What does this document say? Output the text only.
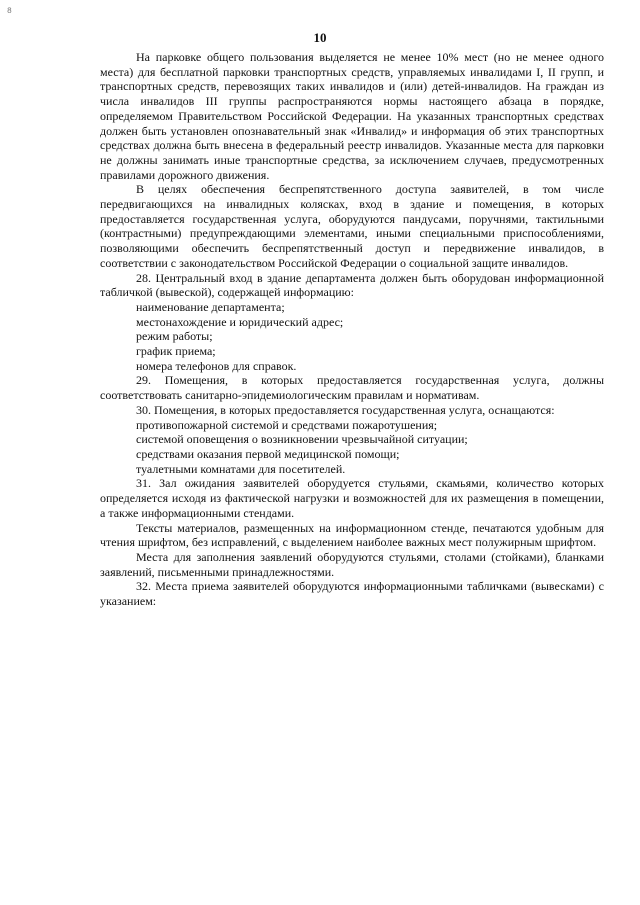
8
10

На парковке общего пользования выделяется не менее 10% мест (но не менее одного места) для бесплатной парковки транспортных средств, управляемых инвалидами I, II групп, и транспортных средств, перевозящих таких инвалидов и (или) детей-инвалидов. На граждан из числа инвалидов III группы распространяются нормы настоящего абзаца в порядке, определяемом Правительством Российской Федерации. На указанных транспортных средствах должен быть установлен опознавательный знак «Инвалид» и информация об этих транспортных средствах должна быть внесена в федеральный реестр инвалидов. Указанные места для парковки не должны занимать иные транспортные средства, за исключением случаев, предусмотренных правилами дорожного движения.

В целях обеспечения беспрепятственного доступа заявителей, в том числе передвигающихся на инвалидных колясках, вход в здание и помещения, в которых предоставляется государственная услуга, оборудуются пандусами, поручнями, тактильными (контрастными) предупреждающими элементами, иными специальными приспособлениями, позволяющими обеспечить беспрепятственный доступ и передвижение инвалидов, в соответствии с законодательством Российской Федерации о социальной защите инвалидов.

28. Центральный вход в здание департамента должен быть оборудован информационной табличкой (вывеской), содержащей информацию:

наименование департамента;

местонахождение и юридический адрес;

режим работы;

график приема;

номера телефонов для справок.

29. Помещения, в которых предоставляется государственная услуга, должны соответствовать санитарно-эпидемиологическим правилам и нормативам.

30. Помещения, в которых предоставляется государственная услуга, оснащаются:

противопожарной системой и средствами пожаротушения;

системой оповещения о возникновении чрезвычайной ситуации;

средствами оказания первой медицинской помощи;

туалетными комнатами для посетителей.

31. Зал ожидания заявителей оборудуется стульями, скамьями, количество которых определяется исходя из фактической нагрузки и возможностей для их размещения в помещении, а также информационными стендами.

Тексты материалов, размещенных на информационном стенде, печатаются удобным для чтения шрифтом, без исправлений, с выделением наиболее важных мест полужирным шрифтом.

Места для заполнения заявлений оборудуются стульями, столами (стойками), бланками заявлений, письменными принадлежностями.

32. Места приема заявителей оборудуются информационными табличками (вывесками) с указанием:
